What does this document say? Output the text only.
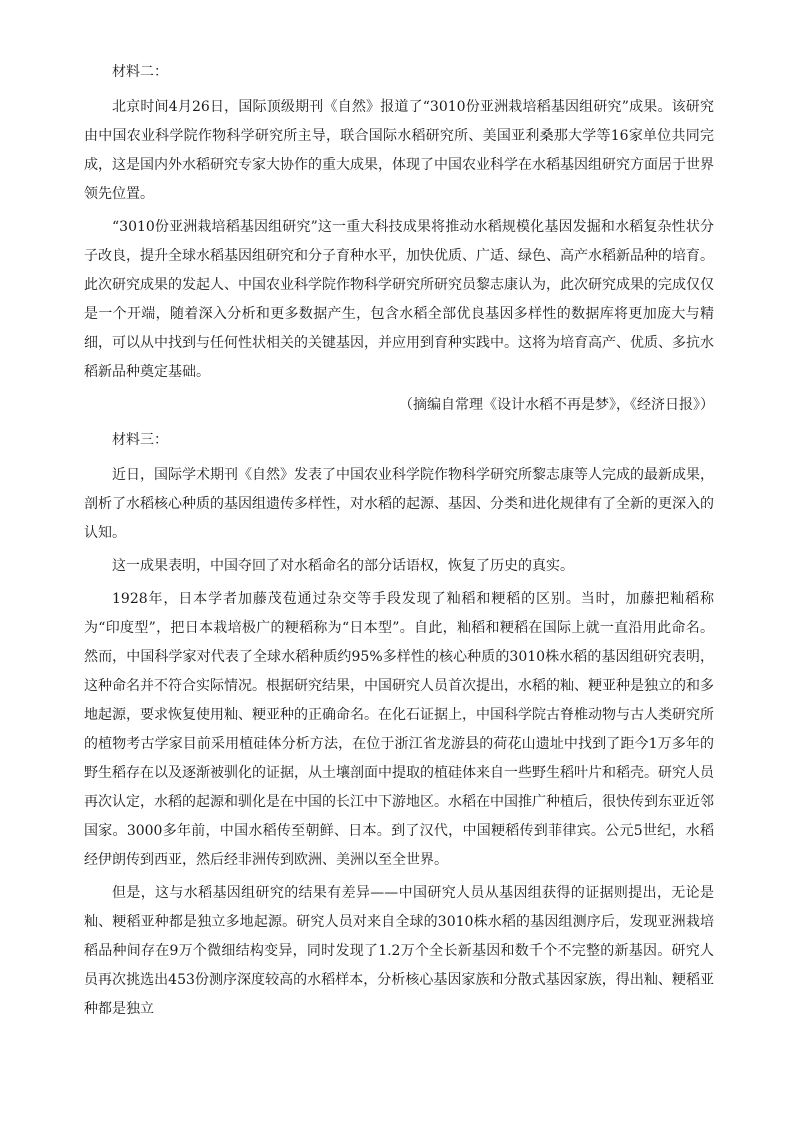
材料二：

北京时间4月26日，国际顶级期刊《自然》报道了“3010份亚洲栽培稻基因组研究”成果。该研究由中国农业科学院作物科学研究所主导，联合国际水稻研究所、美国亚利桑那大学等16家单位共同完成，这是国内外水稻研究专家大协作的重大成果，体现了中国农业科学在水稻基因组研究方面居于世界领先位置。

“3010份亚洲栽培稻基因组研究”这一重大科技成果将推动水稻规模化基因发掘和水稻复杂性状分子改良，提升全球水稻基因组研究和分子育种水平，加快优质、广适、绿色、高产水稻新品种的培育。此次研究成果的发起人、中国农业科学院作物科学研究所研究员黎志康认为，此次研究成果的完成仅仅是一个开端，随着深入分析和更多数据产生，包含水稻全部优良基因多样性的数据库将更加庞大与精细，可以从中找到与任何性状相关的关键基因，并应用到育种实践中。这将为培育高产、优质、多抗水稻新品种奠定基础。

（摘编自常理《设计水稻不再是梦》，《经济日报》）

材料三：

近日，国际学术期刊《自然》发表了中国农业科学院作物科学研究所黎志康等人完成的最新成果，剖析了水稻核心种质的基因组遗传多样性，对水稻的起源、基因、分类和进化规律有了全新的更深入的认知。

这一成果表明，中国夺回了对水稻命名的部分话语权，恢复了历史的真实。

1928年，日本学者加藤茂苞通过杂交等手段发现了籼稻和粳稻的区别。当时，加藤把籼稻称为“印度型”，把日本栽培极广的粳稻称为“日本型”。自此，籼稻和粳稻在国际上就一直沿用此命名。然而，中国科学家对代表了全球水稻种质约95%多样性的核心种质的3010株水稻的基因组研究表明，这种命名并不符合实际情况。根据研究结果，中国研究人员首次提出，水稻的籼、粳亚种是独立的和多地起源，要求恢复使用籼、粳亚种的正确命名。在化石证据上，中国科学院古脊椎动物与古人类研究所的植物考古学家目前采用植硅体分析方法，在位于浙江省龙游县的荷花山遗址中找到了距今1万多年的野生稻存在以及逐渐被驯化的证据，从土壤剖面中提取的植硅体来自一些野生稻叶片和稻壳。研究人员再次认定，水稻的起源和驯化是在中国的长江中下游地区。水稻在中国推广种植后，很快传到东亚近邻国家。3000多年前，中国水稻传至朝鲜、日本。到了汉代，中国粳稻传到菲律宾。公元5世纪，水稻经伊朗传到西亚，然后经非洲传到欧洲、美洲以至全世界。

但是，这与水稻基因组研究的结果有差异——中国研究人员从基因组获得的证据则提出，无论是籼、粳稻亚种都是独立多地起源。研究人员对来自全球的3010株水稻的基因组测序后，发现亚洲栽培稻品种间存在9万个微细结构变异，同时发现了1.2万个全长新基因和数千个不完整的新基因。研究人员再次挑选出453份测序深度较高的水稻样本，分析核心基因家族和分散式基因家族，得出籼、粳稻亚种都是独立
